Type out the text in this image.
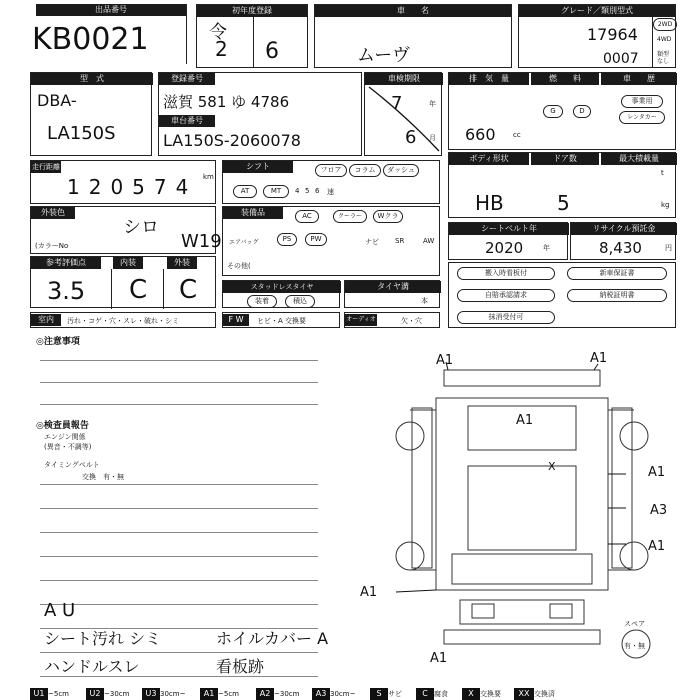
出品番号
KB0021
初年度登録
令
2 6
車　　名
ムーヴ
グレード／類別型式
17964
0007
2WD
4WD
類型
なし
型　式
DBA-
LA150S
登録番号
滋賀 581 ゆ 4786
車台番号
LA150S-2060078
車検期限
7	年
6 月
排　気　量	燃　　料	車　　歴
660 cc
G	D
事業用
レンタカー
走行距離
120574 km
シフト	フロア	コラム	ダッシュ
AT	MT	4 5 6 速
ボディ形状	ドア数	最大積載量
HB	5
t
kg
外装色
シロ
(カラーNo	W19
装備品	AC	クーラー	Wクラ
エアバッグ	PS	PW	ナビ SR	AW
その他(
シートベルト年
2020	年
リサイクル預託金
8,430	円
参考評価点	内装	外装
3.5 C C	スタッドレスタイヤ
装着	積込
タイヤ溝
本
搬入時看板付	新車保証書
自賠承認請求	納税証明書
抹消受付可
室内	汚れ・コゲ・穴・スレ・破れ・シミ	F W	ヒビ・A 交換要	オーディオ	欠・穴
◎注意事項
◎検査員報告
エンジン関係
(異音・不調等)
タイミングベルト
交換　有・無
A U
シート汚れ シミ	ホイルカバー A
ハンドルスレ	看板跡
A1	A1
A1
A1
A3
A1
A1
A1
X
スペア
有・無
U1 ~5cm	U2 ~30cm	U3 30cm~	A1 ~5cm	A2 ~30cm	A3 30cm~	S サビ	C 腐食	X 交換要	XX 交換済
